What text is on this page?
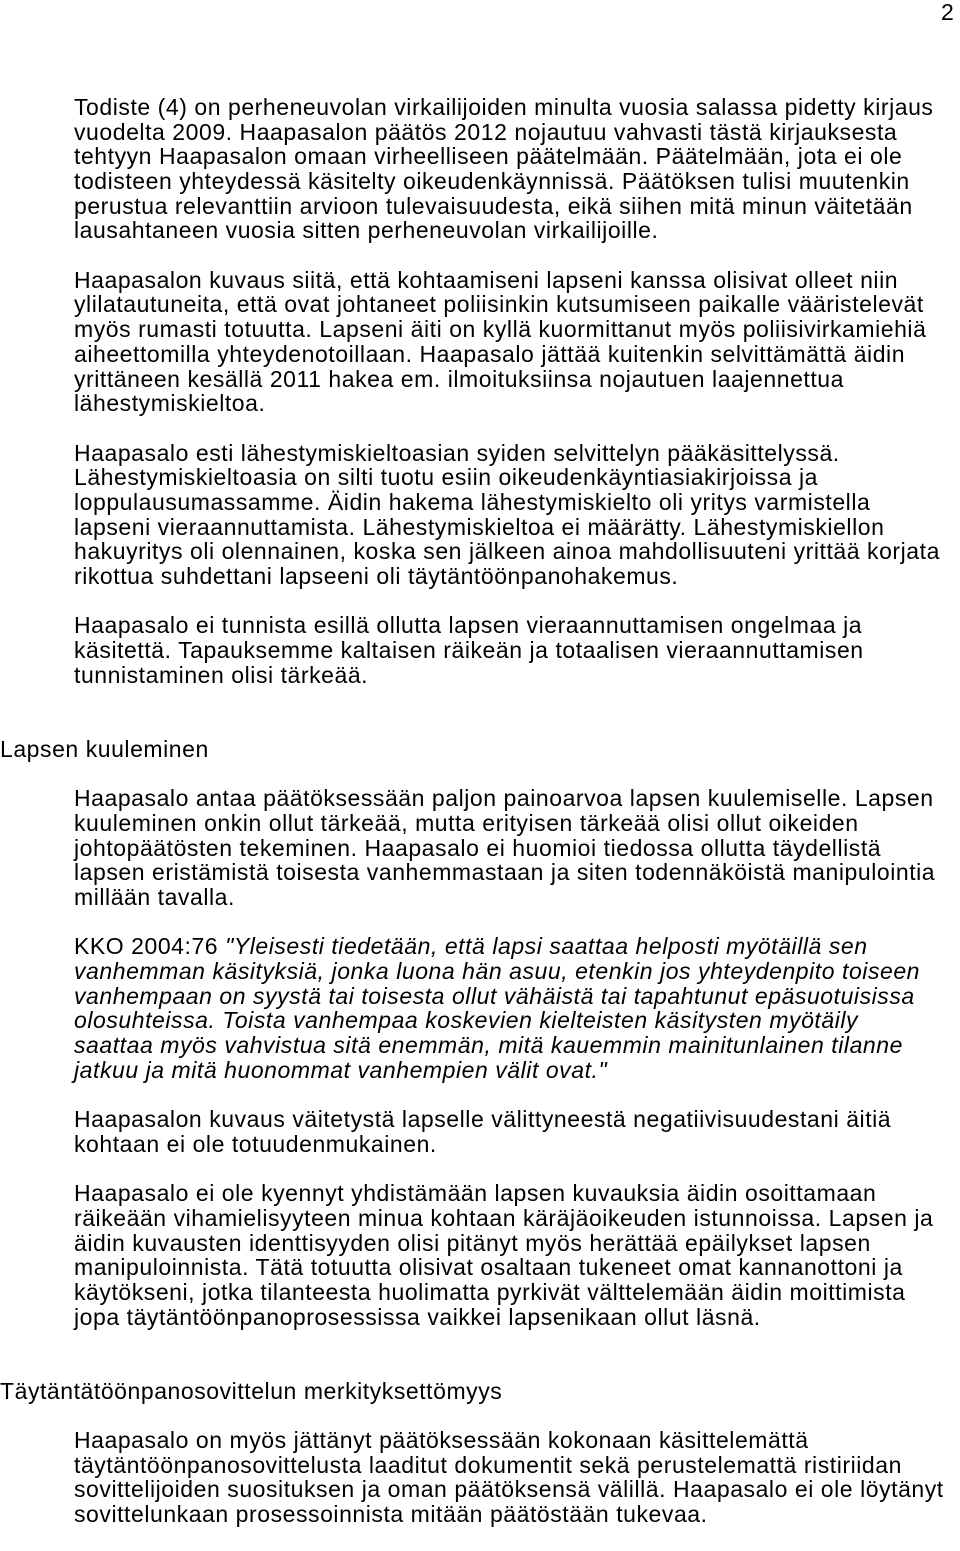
2
Todiste (4) on perheneuvolan virkailijoiden minulta vuosia salassa pidetty kirjaus
vuodelta 2009. Haapasalon päätös 2012 nojautuu vahvasti tästä kirjauksesta
tehtyyn Haapasalon omaan virheelliseen päätelmään. Päätelmään, jota ei ole
todisteen yhteydessä käsitelty oikeudenkäynnissä. Päätöksen tulisi muutenkin
perustua relevanttiin arvioon tulevaisuudesta, eikä siihen mitä minun väitetään
lausahtaneen vuosia sitten perheneuvolan virkailijoille.
Haapasalon kuvaus siitä, että kohtaamiseni lapseni kanssa olisivat olleet niin
ylilatautuneita, että ovat johtaneet poliisinkin kutsumiseen paikalle vääristelevät
myös rumasti totuutta. Lapseni äiti on kyllä kuormittanut myös poliisivirkamiehiä
aiheettomilla yhteydenotoillaan. Haapasalo jättää kuitenkin selvittämättä äidin
yrittäneen kesällä 2011 hakea em. ilmoituksiinsa nojautuen laajennettua
lähestymiskieltoa.
Haapasalo esti lähestymiskieltoasian syiden selvittelyn pääkäsittelyssä.
Lähestymiskieltoasia on silti tuotu esiin oikeudenkäyntiasiakirjoissa ja
loppulausumassamme. Äidin hakema lähestymiskielto oli yritys varmistella
lapseni vieraannuttamista. Lähestymiskieltoa ei määrätty. Lähestymiskiellon
hakuyritys oli olennainen, koska sen jälkeen ainoa mahdollisuuteni yrittää korjata
rikottua suhdettani lapseeni oli täytäntöönpanohakemus.
Haapasalo ei tunnista esillä ollutta lapsen vieraannuttamisen ongelmaa ja
käsitettä. Tapauksemme kaltaisen räikeän ja totaalisen vieraannuttamisen
tunnistaminen olisi tärkeää.
Lapsen kuuleminen
Haapasalo antaa päätöksessään paljon painoarvoa lapsen kuulemiselle. Lapsen
kuuleminen onkin ollut tärkeää, mutta erityisen tärkeää olisi ollut oikeiden
johtopäätösten tekeminen. Haapasalo ei huomioi tiedossa ollutta täydellistä
lapsen eristämistä toisesta vanhemmastaan ja siten todennäköistä manipulointia
millään tavalla.
KKO 2004:76 "Yleisesti tiedetään, että lapsi saattaa helposti myötäillä sen
vanhemman käsityksiä, jonka luona hän asuu, etenkin jos yhteydenpito toiseen
vanhempaan on syystä tai toisesta ollut vähäistä tai tapahtunut epäsuotuisissa
olosuhteissa. Toista vanhempaa koskevien kielteisten käsitysten myötäily
saattaa myös vahvistua sitä enemmän, mitä kauemmin mainitunlainen tilanne
jatkuu ja mitä huonommat vanhempien välit ovat."
Haapasalon kuvaus väitetystä lapselle välittyneestä negatiivisuudestani äitiä
kohtaan ei ole totuudenmukainen.
Haapasalo ei ole kyennyt yhdistämään lapsen kuvauksia äidin osoittamaan
räikeään vihamielisyyteen minua kohtaan käräjäoikeuden istunnoissa. Lapsen ja
äidin kuvausten identtisyyden olisi pitänyt myös herättää epäilykset lapsen
manipuloinnista. Tätä totuutta olisivat osaltaan tukeneet omat kannanottoni ja
käytökseni, jotka tilanteesta huolimatta pyrkivät välttelemään äidin moittimista
jopa täytäntöönpanoprosessissa vaikkei lapsenikaan ollut läsnä.
Täytäntätöönpanosovittelun merkityksettömyys
Haapasalo on myös jättänyt päätöksessään kokonaan käsittelemättä
täytäntöönpanosovittelusta laaditut dokumentit sekä perustelemattä ristiriidan
sovittelijoiden suosituksen ja oman päätöksensä välillä. Haapasalo ei ole löytänyt
sovittelunkaan prosessoinnista mitään päätöstään tukevaa.
